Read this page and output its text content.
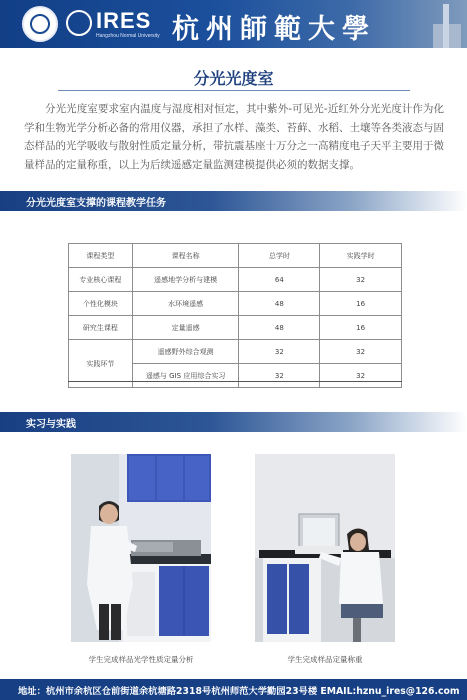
IRES
Hangzhou Normal University 杭州師範大學
分光光度室
分光光度室要求室内温度与湿度相对恒定，其中紫外-可见光-近红外分光光度计作为化学和生物光学分析必备的常用仪器，承担了水样、藻类、苔藓、水稻、土壤等各类液态与固态样品的光学吸收与散射性质定量分析，带抗震基座十万分之一高精度电子天平主要用于微量样品的定量称重，以上为后续遥感定量监测建模提供必须的数据支撑。
分光光度室支撑的课程教学任务
课程类型	课程名称	总学时	实践学时
专业核心课程	遥感地学分析与建模	64	32
个性化模块	水环境遥感	48	16
研究生课程	定量遥感	48	16
实践环节	遥感野外综合观测	32	32
	遥感与 GIS 应用综合实习	32	32
实习与实践
学生完成样品光学性质定量分析	学生完成样品定量称重
地址：杭州市余杭区仓前街道余杭塘路2318号杭州师范大学勤园23号楼 EMAIL:hznu_ires@126.com
